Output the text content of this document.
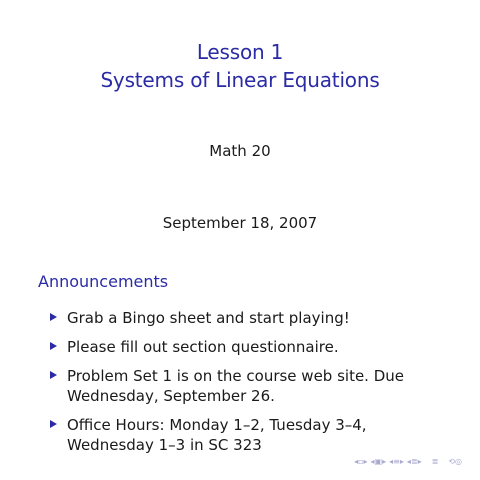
Lesson 1
Systems of Linear Equations
Math 20
September 18, 2007
Announcements
Grab a Bingo sheet and start playing!
Please fill out section questionnaire.
Problem Set 1 is on the course web site. Due Wednesday, September 26.
Office Hours: Monday 1–2, Tuesday 3–4, Wednesday 1–3 in SC 323
◂▫▸ ◂▣▸ ◂≡▸ ◂≣▸ ≣ ⟲◎
